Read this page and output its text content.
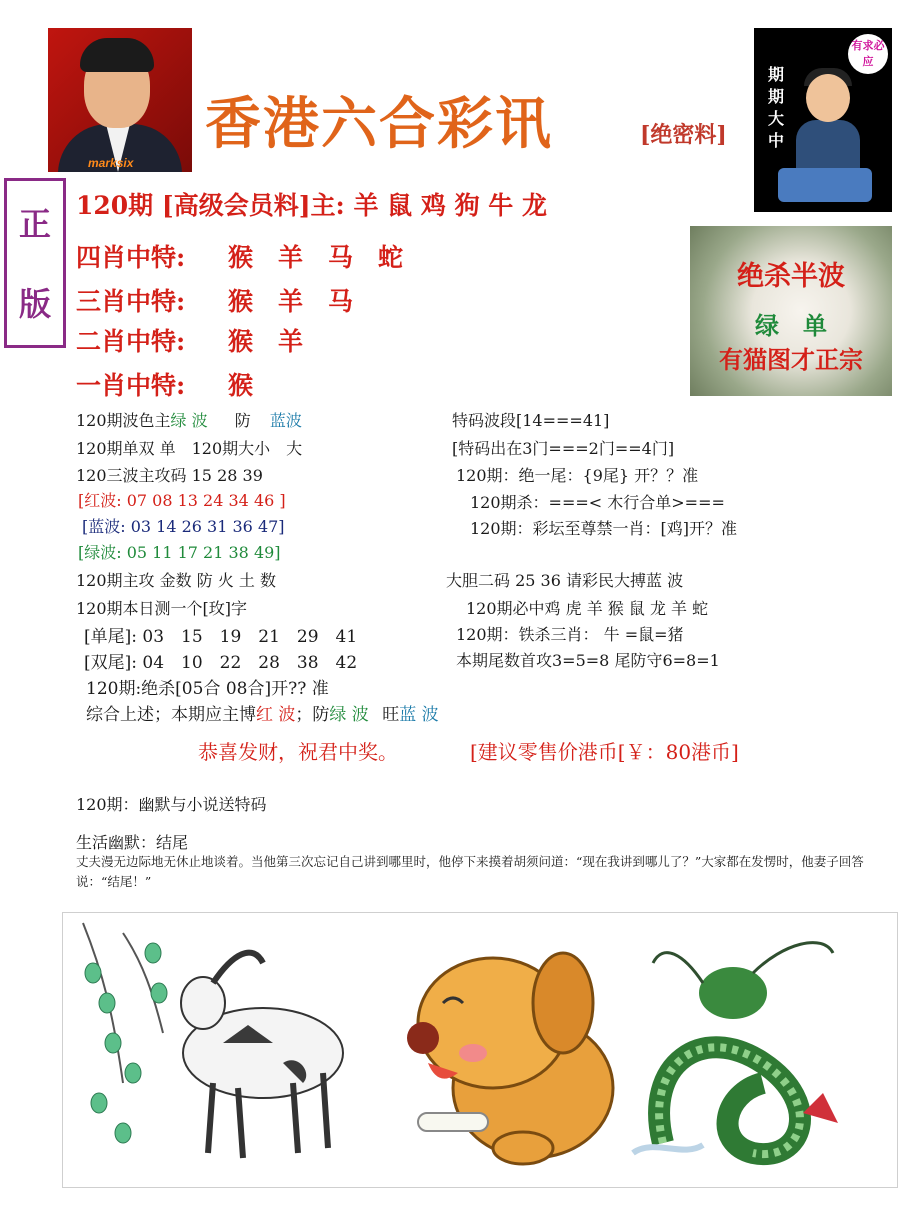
marksix
香港六合彩讯	[绝密料]
期期大中
有求必应
正
版
120期 [高级会员料]主: 羊 鼠 鸡 狗 牛 龙
四肖中特: 猴　羊　马　蛇
三肖中特: 猴　羊　马
二肖中特: 猴　羊
一肖中特: 猴
绝杀半波
绿　单
有猫图才正宗
120期波色主绿 波 防 蓝波
120期单双 单　120期大小　大
120三波主攻码 15 28 39
[红波: 07 08 13 24 34 46 ]
[蓝波: 03 14 26 31 36 47]
[绿波: 05 11 17 21 38 49]
120期主攻 金数 防 火 土 数
120期本日测一个[玫]字
[单尾]: 03　15　19　21　29　41
[双尾]: 04　10　22　28　38　42
120期:绝杀[05合 08合]开?? 准
综合上述；本期应主博红 波；防绿 波 旺蓝 波
特码波段[14===41]
[特码出在3门===2门==4门]
120期：绝一尾：{9尾} 开？？准
120期杀：===< 木行合单>===
120期：彩坛至尊禁一肖：[鸡]开？准
大胆二码 25 36 请彩民大搏蓝 波
120期必中鸡 虎 羊 猴 鼠 龙 羊 蛇
120期：铁杀三肖： 牛 =鼠=猪
本期尾数首攻3=5=8 尾防守6=8=1
恭喜发财，祝君中奖。	[建议零售价港币[￥：80港币]
120期：幽默与小说送特码
生活幽默：结尾
丈夫漫无边际地无休止地谈着。当他第三次忘记自己讲到哪里时，他停下来摸着胡须问道：“现在我讲到哪儿了？”大家都在发愣时，他妻子回答说：“结尾！”
